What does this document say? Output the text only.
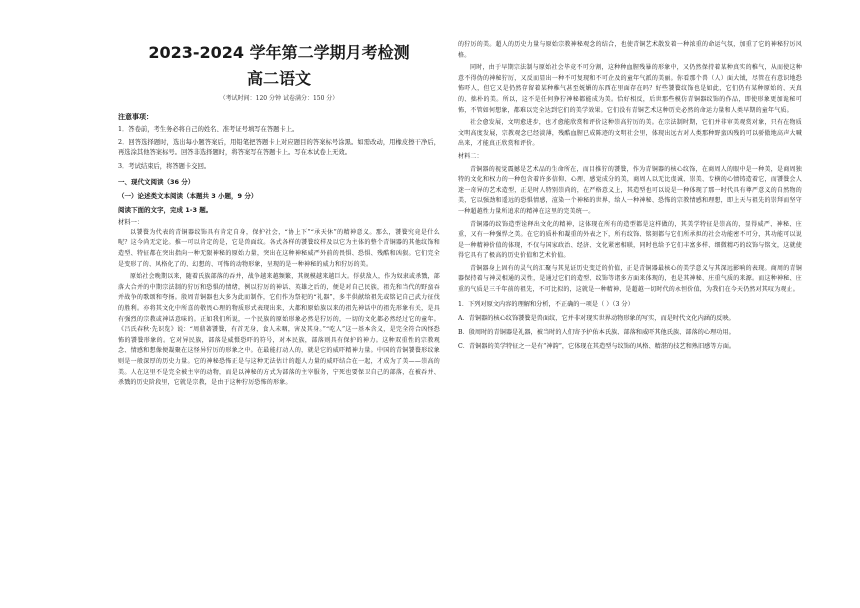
2023-2024 学年第二学期月考检测
高二语文
（考试时间：120 分钟 试卷满分：150 分）
注意事项：
1．答卷前，考生务必将自己的姓名、准考证号填写在答题卡上。
2．回答选择题时，选出每小题答案后，用铅笔把答题卡上对应题目的答案标号涂黑。如需改动，用橡皮擦干净后，再选涂其他答案标号。回答非选择题时，将答案写在答题卡上。写在本试卷上无效。
3．考试结束后，将答题卡交回。
一、现代文阅读（36 分）
（一）论述类文本阅读（本题共 3 小题，9 分）
阅读下面的文字，完成 1-3 题。
材料一：

以饕餮为代表的青铜器纹饰具有肯定自身，保护社会，“协上下”“承天休”的精神意义。那么，饕餮究竟是什么呢？这今尚无定论。推一可以肯定的是，它是兽面纹。各式各样的饕餮纹样及以它为主体的整个青铜器的其他纹饰和造型、特征都在突出指向一种无限神秘的原始力量，突出在这种神秘威严外前的畏惧、恐惧、残酷和凶狠。它们完全是变形了的、风格化了的、幻想的、可怖的动物形象，呈现的是一种神秘的威力和狞厉的美。

原始社会晚期以来，随着氏族部落的吞并，战争越来越频繁，其规模越来越巨大。俘获敌人，作为奴隶或杀戮，部落大合并的中期宗法制的狞厉和恐惧的情绪，例以狞厉的神话、英雄之后的，便是对自己民族，祖先和当代的野蛮吞并战争的歌颂和夸扬。殷周青铜器也大多为此而制作，它们作为祭祀的“礼器”，多半供献给祖先或铭记自己武力征伐的胜利。亦将其文化中所喜的敬畏心理的物质形式表现出来，大都和原始族以来的祖先神话中的祖先形象有关，是具有强烈的宗教或神话意味的。正如我们所说，一个民族的原始形象必然是狞厉的，一切的文化都必然经过它的童年。《吕氏春秋·先识览》说：“周鼎著饕餮，有首无身，食人未咽，害及其身。”“吃人”这一基本含义，是完全符合凶怪恐怖的饕餮形象的。它对异民族，部落是威慑恐吓的符号，对本民族，部落则具有保护的神力。这种双重性的宗教观念、情感和想像便凝聚在这怪异狞厉的形象之中。在最能打动人的，就是它的威吓精神力量。中国的青铜饕餮形纹象则是一般深厚的历史力量。它的神秘恐怖正是与这种无法估计的超人力量的威吓结合在一起，才成为了美——崇高的美。人在这里不是完全被主宰的动物，而是以神秘的方式为部落的主宰服务，宁死也要保卫自己的部落，在被吞并、杀戮的历史阶段里，它就是宗教，是由于这种狞厉恐怖的形象。

的狞厉的美。超人的历史力量与原始宗教神秘观念的结合，也使青铜艺术散发着一种浓重的命运气氛，加重了它的神秘狞厉风格。

同时，由于早期宗法制与原始社会毕竟不可分割，这种种血腥残暴的形象中，又仍然保持着某种真实的稚气，从而使这种意不得伪的神秘狞厉，又反而显出一种不可复现和不可企及的童年气派的美丽。你看那个兽（人）面大钺，尽管在有意识地恐怖吓人，但它又是仍然存留着某种稚气甚至妩媚的东西在里面存在吗？好些饕餮纹饰也是如此，它们仍有某种原始的、天真的、拙朴的美。所以，这不是任何狰狞神秘都能成为美。恰好相反，后世那些模仿青铜器纹饰的作品，即使形象更加诡秘可怖，不管如何想象，都难以完全达到它们的美学效果。它们没有青铜艺术这种历史必然的命运力量和人类早期的童年气质。

社会愈发展，文明愈进步，也才愈能欣赏和评价这种崇高狞厉的美。在宗法制时期，它们并非审美观赏对象，只有在物质文明高度发展，宗教观念已经淡薄，残酷血腥已成陈迹的文明社会里，体现出远古对人类那种野蛮凶残的可以骄傲地高声大喊出来，才能真正欣赏和评价。

材料二：

青铜器的视觉震撼是艺术品的生命所在，而目推狞的饕餮，作为青铜器的核心纹饰，在商周人的眼中是一种美，是商周独特的文化和权力的一种包含着许多信仰、心理、感觉成分的美，商周人以无比虔诚、崇美、专横的心情铸造着它，而饕餮会人迷一奇异的艺术造型，正是时人特别崇尚的，在严格意义上，其造型也可以说是一种体现了那一时代具有尊严意义的自然物的美，它以强劲和遥远的恐惧情感，渲染一个神秘的世界，给人一种神秘、恐怖的宗教情感和理想，即上天与祖先的崇拜而坚守一种超越性力量所追求的精神在这里的完美统一。

青铜器的纹饰造型诠释出文化的精神，这体现在所有的造型都是这样做的，其美学特征是崇高的，显得威严、神秘、庄重，又有一种强悍之美。在它的质朴和凝重的外表之下，所有纹饰、铭刻都与它们所承担的社会功能密不可分，其功能可以说是一种精神价值的体现，不仅与国家政治、经济、文化紧密相联，同时也给予它们丰富多样、细微精巧的纹饰与铭文，这就使得它具有了极高的历史价值和艺术价值。

青铜器身上固有的灵气的汇聚与其见证历史变迁的价值，正是青铜器最核心的美学意义与其深远影响的表现。商周的青铜器保持着与神灵相通的灵性，是通过它们的造型、纹饰等诸多方面来体现的，也是其神秘、庄重气质的来源。而这种神秘、庄重的气质是三千年前的祖先，不可比拟的，这就是一种精神，是超越一切时代的永恒价值，为我们在今天仍然对其叹为观止。

1．下列对原文内容的理解和分析，不正确的一项是（ ）（3 分）
A．青铜器的核心纹饰饕餮是兽面纹，它并非对现实世界动物形象的写实，而是时代文化内涵的反映。
B．殷周时的青铜器是礼器，被当时的人们寄予护佑本氏族、部落和威吓其他氏族、部落的心理功用。
C．青铜器的美学特征之一是有“神韵”，它体现在其造型与纹饰的风格、精湛的技艺和熟旧感等方面。
